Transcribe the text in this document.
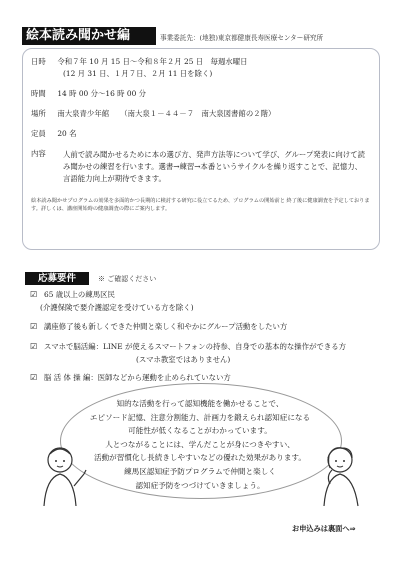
絵本読み聞かせ編	事業委託先：(地独)東京都健康長寿医療センター研究所
日時 令和７年 10 月 15 日～令和８年２月 25 日　毎週水曜日
(12 月 31 日、１月７日、２月 11 日を除く)
時間 14 時 00 分～16 時 00 分
場所 南大泉青少年館　　（南大泉１－４４－７　南大泉図書館の２階）
定員 20 名
内容	人前で読み聞かせるために本の選び方、発声方法等について学び、グループ発表に向けて読み聞かせの練習を行います。選書→練習→本番というサイクルを繰り返すことで、記憶力、言語能力向上が期待できます。
絵本読み聞かせプログラムの効果を多面的かつ長期的に検討する研究に役立てるため、プログラムの開始前と 終了後に健康調査を予定しております。詳しくは、講座開始時の健康調査の際にご案内します。
応募要件	※ ご確認ください
☑ 65 歳以上の練馬区民
(介護保険で要介護認定を受けている方を除く)
☑ 講座修了後も新しくできた仲間と楽しく和やかにグループ活動をしたい方
☑ スマホで脳活編：LINE が使えるスマートフォンの持参、自身での基本的な操作ができる方
(スマホ教室ではありません)
☑ 脳 活 体 操 編：医師などから運動を止められていない方
知的な活動を行って認知機能を働かせることで、
エピソード記憶、注意分割能力、計画力を鍛えられ認知症になる
可能性が低くなることがわかっています。
人とつながることには、学んだことが身につきやすい、
活動が習慣化し長続きしやすいなどの優れた効果があります。
練馬区認知症予防プログラムで仲間と楽しく
認知症予防をつづけていきましょう。
お申込みは裏面へ⇒
